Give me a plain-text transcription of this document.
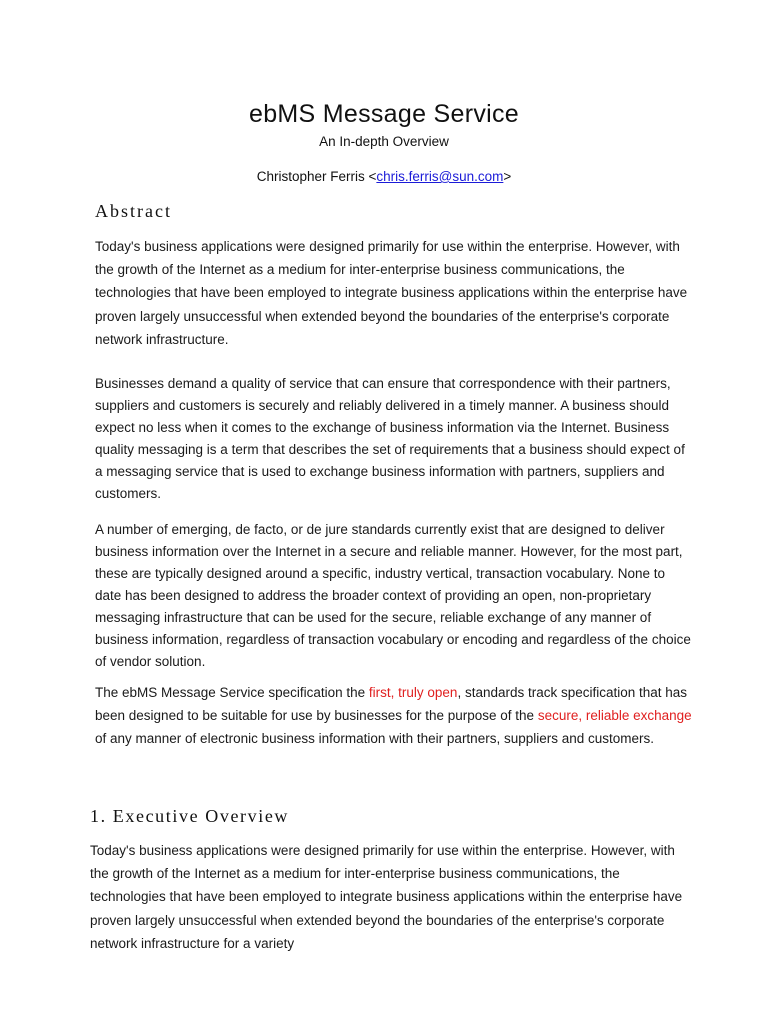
ebMS Message Service
An In-depth Overview
Christopher Ferris <chris.ferris@sun.com>
Abstract

Today's business applications were designed primarily for use within the enterprise. However, with the growth of the Internet as a medium for inter-enterprise business communications, the technologies that have been employed to integrate business applications within the enterprise have proven largely unsuccessful when extended beyond the boundaries of the enterprise's corporate network infrastructure.

Businesses demand a quality of service that can ensure that correspondence with their partners, suppliers and customers is securely and reliably delivered in a timely manner. A business should expect no less when it comes to the exchange of business information via the Internet. Business quality messaging is a term that describes the set of requirements that a business should expect of a messaging service that is used to exchange business information with partners, suppliers and customers.

A number of emerging, de facto, or de jure standards currently exist that are designed to deliver business information over the Internet in a secure and reliable manner. However, for the most part, these are typically designed around a specific, industry vertical, transaction vocabulary. None to date has been designed to address the broader context of providing an open, non-proprietary messaging infrastructure that can be used for the secure, reliable exchange of any manner of business information, regardless of transaction vocabulary or encoding and regardless of the choice of vendor solution.

The ebMS Message Service specification the first, truly open, standards track specification that has been designed to be suitable for use by businesses for the purpose of the secure, reliable exchange of any manner of electronic business information with their partners, suppliers and customers.

1. Executive Overview

Today's business applications were designed primarily for use within the enterprise. However, with the growth of the Internet as a medium for inter-enterprise business communications, the technologies that have been employed to integrate business applications within the enterprise have proven largely unsuccessful when extended beyond the boundaries of the enterprise's corporate network infrastructure for a variety
